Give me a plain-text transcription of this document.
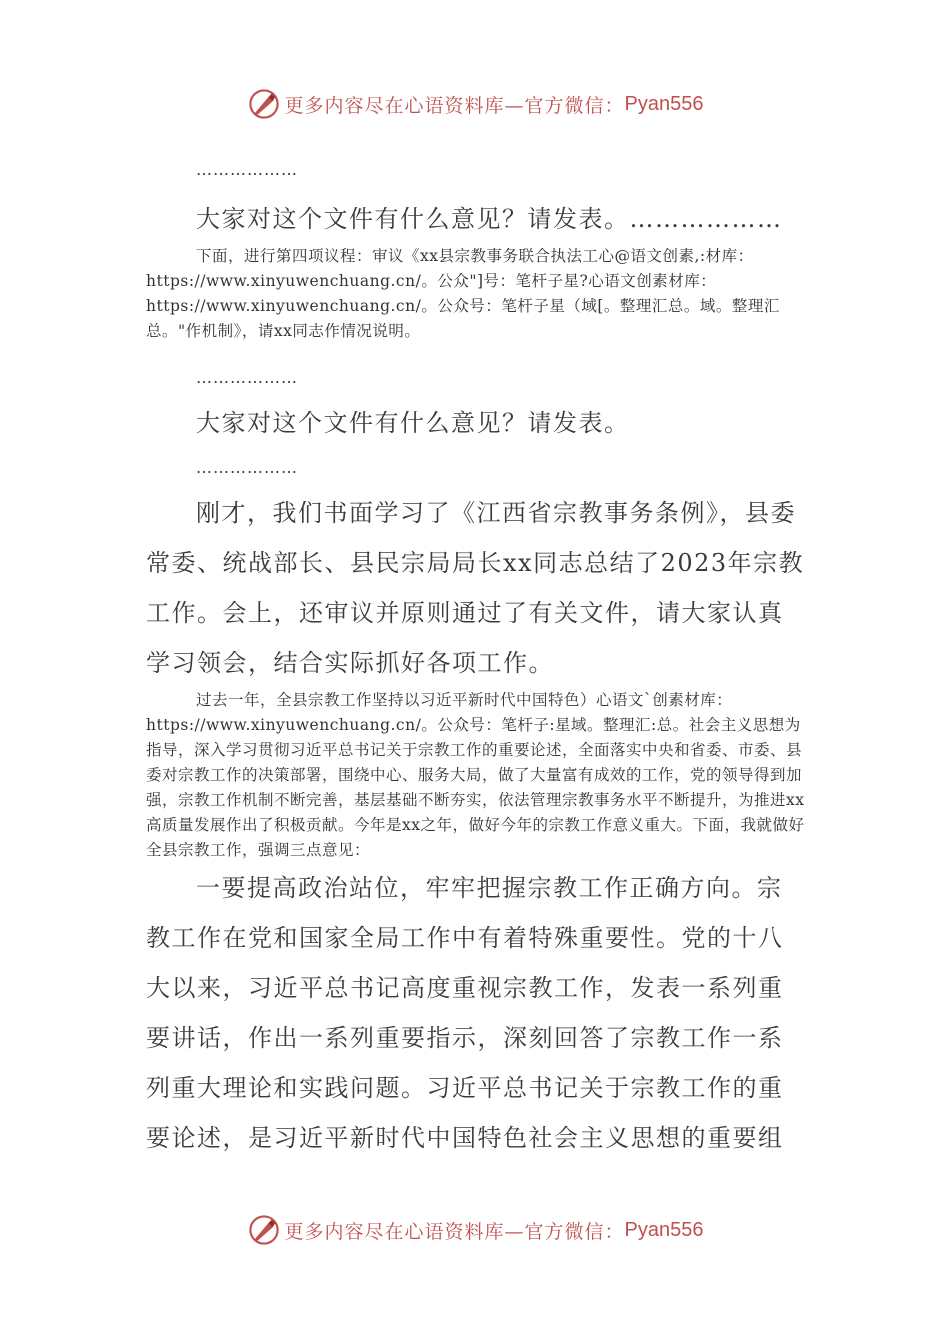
更多内容尽在心语资料库—官方微信： Pyan556
………………

大家对这个文件有什么意见？请发表。………………

下面，进行第四项议程：审议《xx县宗教事务联合执法工心@语文创素,:材库：https://www.xinyuwenchuang.cn/。公众"]号：笔杆子星?心语文创素材库：https://www.xinyuwenchuang.cn/。公众号：笔杆子星（域[。整理汇总。域。整理汇总。"作机制》，请xx同志作情况说明。

………………

大家对这个文件有什么意见？请发表。

………………

刚才，我们书面学习了《江西省宗教事务条例》，县委常委、统战部长、县民宗局局长xx同志总结了2023年宗教工作。会上，还审议并原则通过了有关文件，请大家认真学习领会，结合实际抓好各项工作。

过去一年，全县宗教工作坚持以习近平新时代中国特色）心语文`创素材库：https://www.xinyuwenchuang.cn/。公众号：笔杆子:星域。整理汇:总。社会主义思想为指导，深入学习贯彻习近平总书记关于宗教工作的重要论述，全面落实中央和省委、市委、县委对宗教工作的决策部署，围绕中心、服务大局，做了大量富有成效的工作，党的领导得到加强，宗教工作机制不断完善，基层基础不断夯实，依法管理宗教事务水平不断提升，为推进xx高质量发展作出了积极贡献。今年是xx之年，做好今年的宗教工作意义重大。下面，我就做好全县宗教工作，强调三点意见：

一要提高政治站位，牢牢把握宗教工作正确方向。宗教工作在党和国家全局工作中有着特殊重要性。党的十八大以来，习近平总书记高度重视宗教工作，发表一系列重要讲话，作出一系列重要指示，深刻回答了宗教工作一系列重大理论和实践问题。习近平总书记关于宗教工作的重要论述，是习近平新时代中国特色社会主义思想的重要组

更多内容尽在心语资料库—官方微信： Pyan556
